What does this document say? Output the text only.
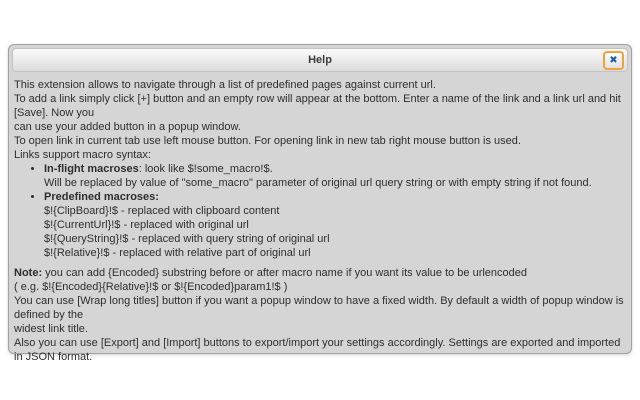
Help	✖

This extension allows to navigate through a list of predefined pages against current url.
To add a link simply click [+] button and an empty row will appear at the bottom. Enter a name of the link and a link url and hit [Save]. Now you
can use your added button in a popup window.
To open link in current tab use left mouse button. For opening link in new tab right mouse button is used.

Links support macro syntax:

• In-flight macroses: look like $!some_macro!$.
Will be replaced by value of "some_macro" parameter of original url query string or with empty string if not found.
• Predefined macroses:
$!{ClipBoard}!$ - replaced with clipboard content
$!{CurrentUrl}!$ - replaced with original url
$!{QueryString}!$ - replaced with query string of original url
$!{Relative}!$ - replaced with relative part of original url

Note: you can add {Encoded} substring before or after macro name if you want its value to be urlencoded
( e.g. $!{Encoded}{Relative}!$ or $!{Encoded}param1!$ )

You can use [Wrap long titles] button if you want a popup window to have a fixed width. By default a width of popup window is defined by the
widest link title.
Also you can use [Export] and [Import] buttons to export/import your settings accordingly. Settings are exported and imported in JSON format.
